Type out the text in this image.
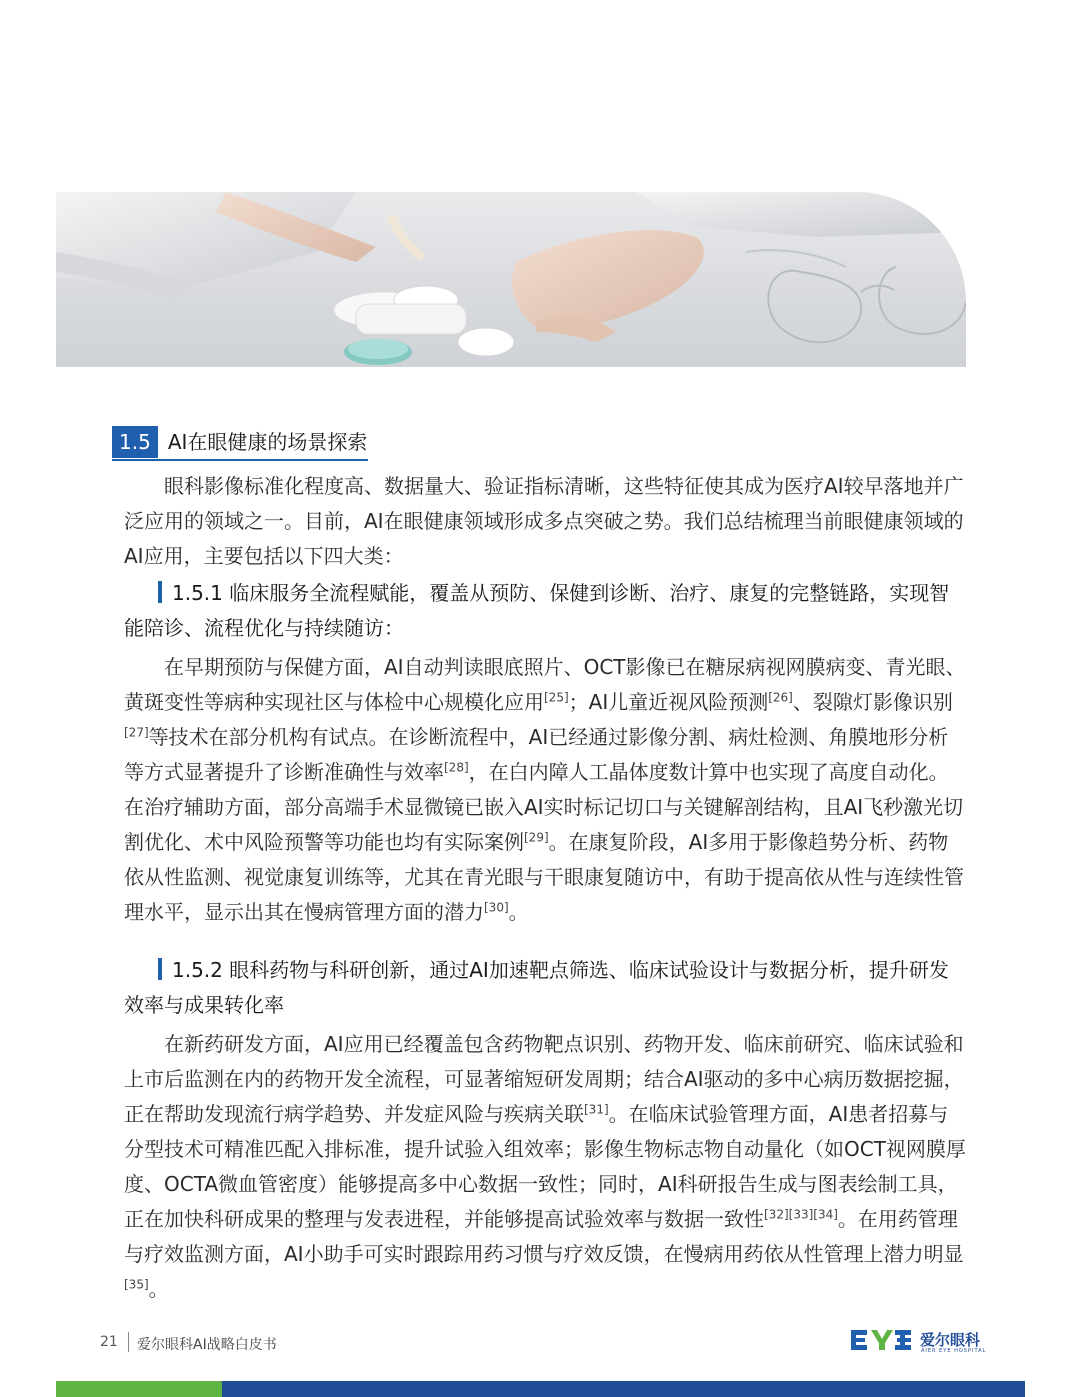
1.5 AI在眼健康的场景探索

眼科影像标准化程度高、数据量大、验证指标清晰，这些特征使其成为医疗AI较早落地并广泛应用的领域之一。目前，AI在眼健康领域形成多点突破之势。我们总结梳理当前眼健康领域的AI应用，主要包括以下四大类：

1.5.1 临床服务全流程赋能，覆盖从预防、保健到诊断、治疗、康复的完整链路，实现智能陪诊、流程优化与持续随访：

在早期预防与保健方面，AI自动判读眼底照片、OCT影像已在糖尿病视网膜病变、青光眼、黄斑变性等病种实现社区与体检中心规模化应用[25]；AI儿童近视风险预测[26]、裂隙灯影像识别[27]等技术在部分机构有试点。在诊断流程中，AI已经通过影像分割、病灶检测、角膜地形分析等方式显著提升了诊断准确性与效率[28]，在白内障人工晶体度数计算中也实现了高度自动化。在治疗辅助方面，部分高端手术显微镜已嵌入AI实时标记切口与关键解剖结构，且AI飞秒激光切割优化、术中风险预警等功能也均有实际案例[29]。在康复阶段，AI多用于影像趋势分析、药物依从性监测、视觉康复训练等，尤其在青光眼与干眼康复随访中，有助于提高依从性与连续性管理水平，显示出其在慢病管理方面的潜力[30]。

1.5.2 眼科药物与科研创新，通过AI加速靶点筛选、临床试验设计与数据分析，提升研发效率与成果转化率

在新药研发方面，AI应用已经覆盖包含药物靶点识别、药物开发、临床前研究、临床试验和上市后监测在内的药物开发全流程，可显著缩短研发周期；结合AI驱动的多中心病历数据挖掘，正在帮助发现流行病学趋势、并发症风险与疾病关联[31]。在临床试验管理方面，AI患者招募与分型技术可精准匹配入排标准，提升试验入组效率；影像生物标志物自动量化（如OCT视网膜厚度、OCTA微血管密度）能够提高多中心数据一致性；同时，AI科研报告生成与图表绘制工具，正在加快科研成果的整理与发表进程，并能够提高试验效率与数据一致性[32][33][34]。在用药管理与疗效监测方面，AI小助手可实时跟踪用药习惯与疗效反馈，在慢病用药依从性管理上潜力明显[35]。

21 爱尔眼科AI战略白皮书	爱尔眼科
AIER EYE HOSPITAL
